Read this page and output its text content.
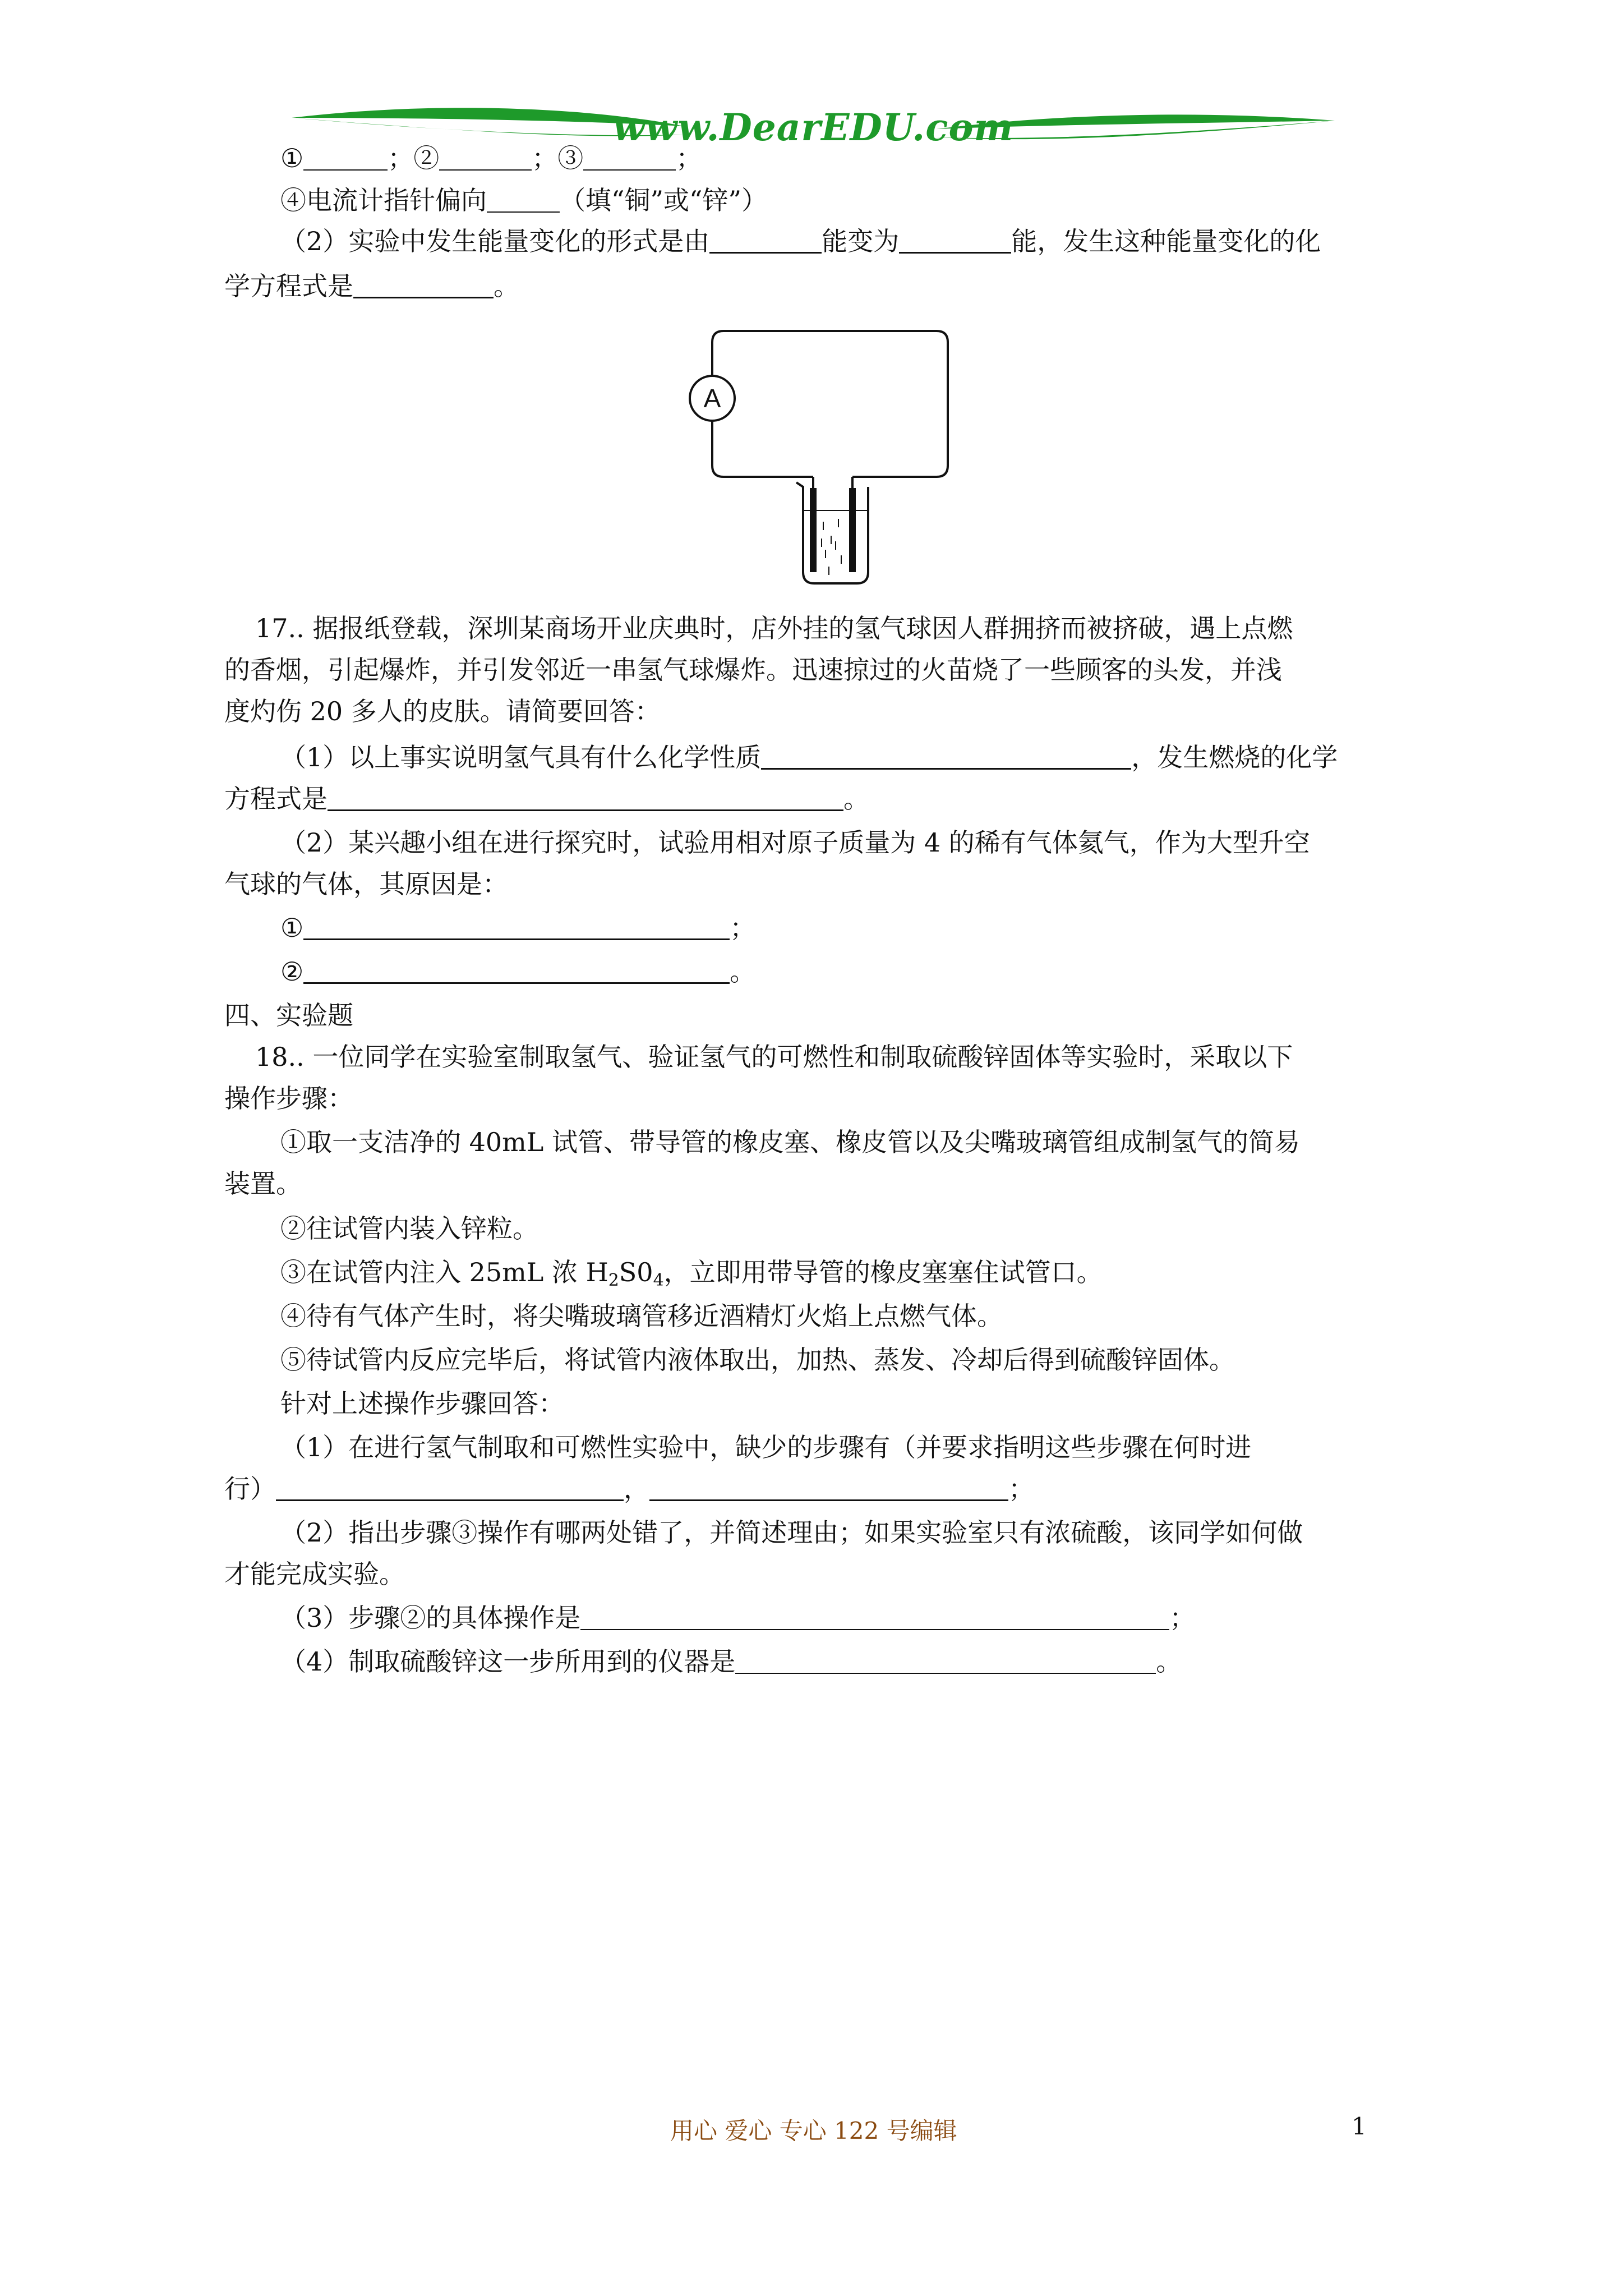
www.DearEDU.com
①	；②	；③	；
④电流计指针偏向	（填“铜”或“锌”）
（2）实验中发生能量变化的形式是由	能变为	能，发生这种能量变化的化
学方程式是	。
A
17.. 据报纸登载，深圳某商场开业庆典时，店外挂的氢气球因人群拥挤而被挤破，遇上点燃
的香烟，引起爆炸，并引发邻近一串氢气球爆炸。迅速掠过的火苗烧了一些顾客的头发，并浅
度灼伤 20 多人的皮肤。请简要回答：
（1）以上事实说明氢气具有什么化学性质	，发生燃烧的化学
方程式是	。
（2）某兴趣小组在进行探究时，试验用相对原子质量为 4 的稀有气体氦气，作为大型升空
气球的气体，其原因是：
①	；
②	。
四、实验题
18.. 一位同学在实验室制取氢气、验证氢气的可燃性和制取硫酸锌固体等实验时，采取以下
操作步骤：
①取一支洁净的 40mL 试管、带导管的橡皮塞、橡皮管以及尖嘴玻璃管组成制氢气的简易
装置。
②往试管内装入锌粒。
③在试管内注入 25mL 浓 $H_2S0_4$，立即用带导管的橡皮塞塞住试管口。
④待有气体产生时，将尖嘴玻璃管移近酒精灯火焰上点燃气体。
⑤待试管内反应完毕后，将试管内液体取出，加热、蒸发、冷却后得到硫酸锌固体。
针对上述操作步骤回答：
（1）在进行氢气制取和可燃性实验中，缺少的步骤有（并要求指明这些步骤在何时进
行）	，	；
（2）指出步骤③操作有哪两处错了，并简述理由；如果实验室只有浓硫酸，该同学如何做
才能完成实验。
（3）步骤②的具体操作是	；
（4）制取硫酸锌这一步所用到的仪器是	。
用心 爱心 专心 122 号编辑	1
